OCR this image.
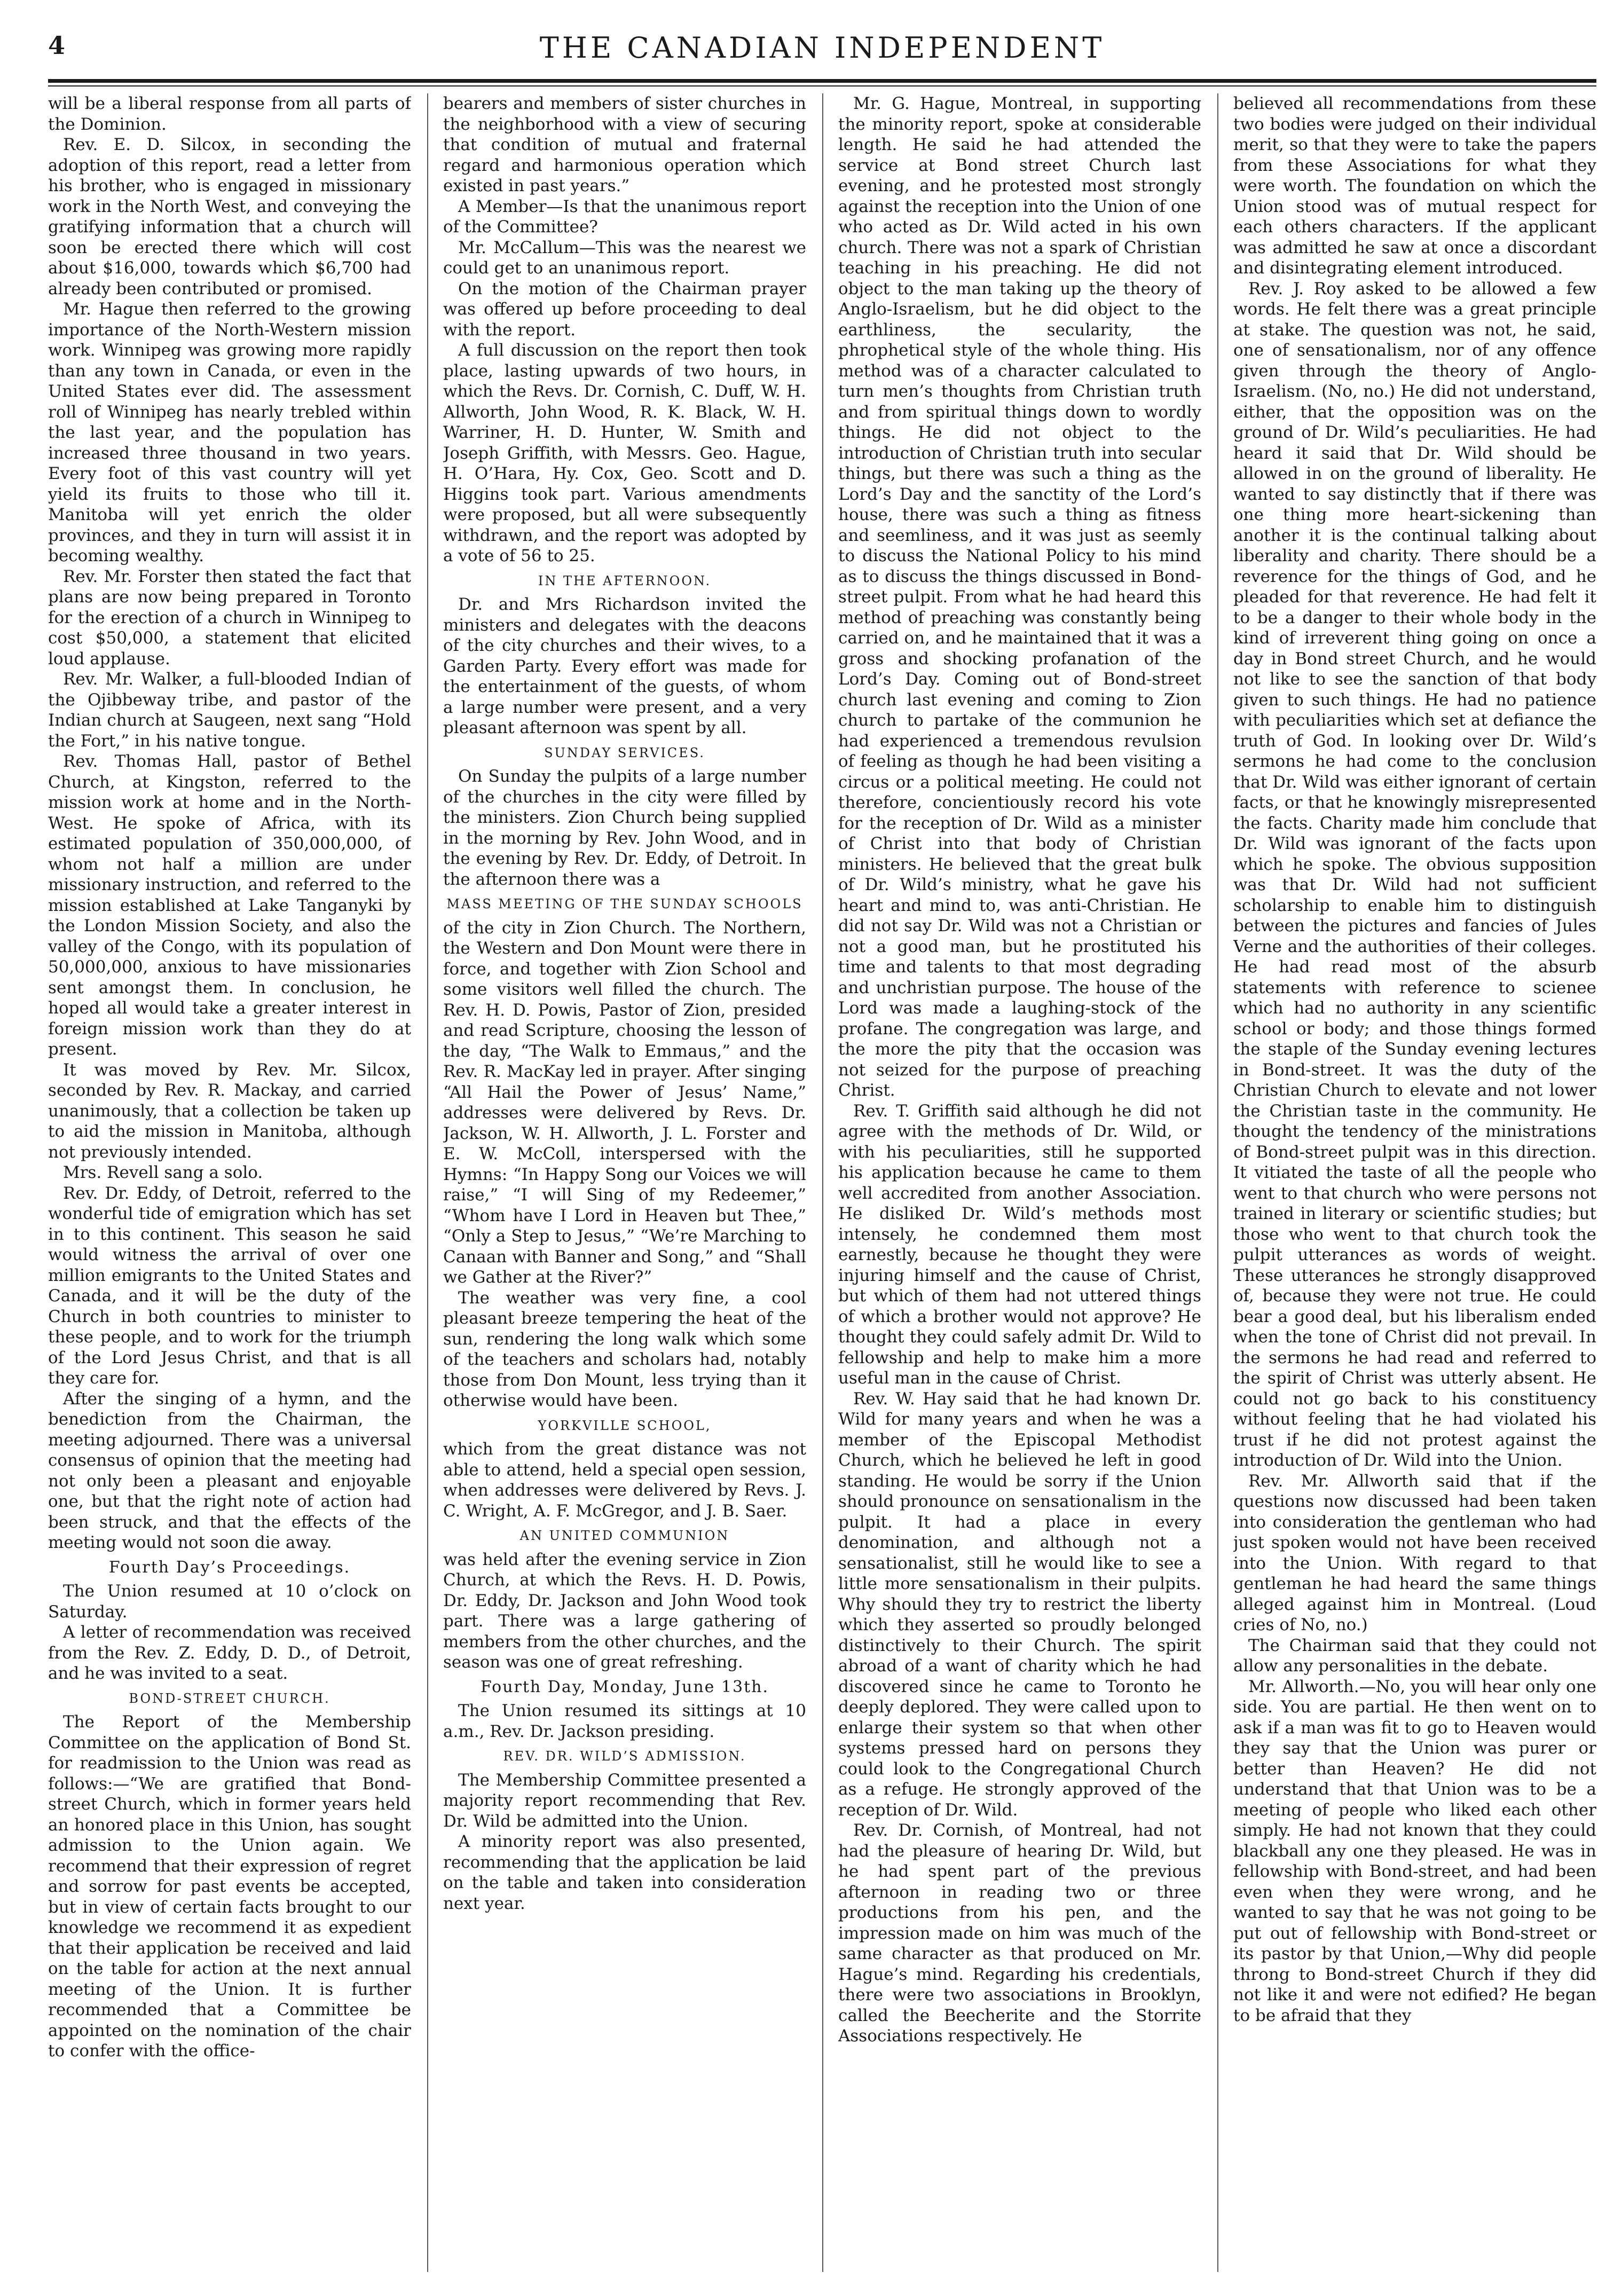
4	THE CANADIAN INDEPENDENT

will be a liberal response from all parts of the Dominion.

Rev. E. D. Silcox, in seconding the adoption of this report, read a letter from his brother, who is engaged in missionary work in the North West, and conveying the gratifying information that a church will soon be erected there which will cost about $16,000, towards which $6,700 had already been contributed or promised.

Mr. Hague then referred to the growing importance of the North-Western mission work. Winnipeg was growing more rapidly than any town in Canada, or even in the United States ever did. The assessment roll of Winnipeg has nearly trebled within the last year, and the population has increased three thousand in two years. Every foot of this vast country will yet yield its fruits to those who till it. Manitoba will yet enrich the older provinces, and they in turn will assist it in becoming wealthy.

Rev. Mr. Forster then stated the fact that plans are now being prepared in Toronto for the erection of a church in Winnipeg to cost $50,000, a statement that elicited loud applause.

Rev. Mr. Walker, a full-blooded Indian of the Ojibbeway tribe, and pastor of the Indian church at Saugeen, next sang “Hold the Fort,” in his native tongue.

Rev. Thomas Hall, pastor of Bethel Church, at Kingston, referred to the mission work at home and in the North-West. He spoke of Africa, with its estimated population of 350,000,000, of whom not half a million are under missionary instruction, and referred to the mission established at Lake Tanganyki by the London Mission Society, and also the valley of the Congo, with its population of 50,000,000, anxious to have missionaries sent amongst them. In conclusion, he hoped all would take a greater interest in foreign mission work than they do at present.

It was moved by Rev. Mr. Silcox, seconded by Rev. R. Mackay, and carried unanimously, that a collection be taken up to aid the mission in Manitoba, although not previously intended.

Mrs. Revell sang a solo.

Rev. Dr. Eddy, of Detroit, referred to the wonderful tide of emigration which has set in to this continent. This season he said would witness the arrival of over one million emigrants to the United States and Canada, and it will be the duty of the Church in both countries to minister to these people, and to work for the triumph of the Lord Jesus Christ, and that is all they care for.

After the singing of a hymn, and the benediction from the Chairman, the meeting adjourned. There was a universal consensus of opinion that the meeting had not only been a pleasant and enjoyable one, but that the right note of action had been struck, and that the effects of the meeting would not soon die away.

Fourth Day’s Proceedings.

The Union resumed at 10 o’clock on Saturday.

A letter of recommendation was received from the Rev. Z. Eddy, D. D., of Detroit, and he was invited to a seat.

BOND-STREET CHURCH.

The Report of the Membership Committee on the application of Bond St. for readmission to the Union was read as follows:—“We are gratified that Bond-street Church, which in former years held an honored place in this Union, has sought admission to the Union again. We recommend that their expression of regret and sorrow for past events be accepted, but in view of certain facts brought to our knowledge we recommend it as expedient that their application be received and laid on the table for action at the next annual meeting of the Union. It is further recommended that a Committee be appointed on the nomination of the chair to confer with the office-

bearers and members of sister churches in the neighborhood with a view of securing that condition of mutual and fraternal regard and harmonious operation which existed in past years.”

A Member—Is that the unanimous report of the Committee?

Mr. McCallum—This was the nearest we could get to an unanimous report.

On the motion of the Chairman prayer was offered up before proceeding to deal with the report.

A full discussion on the report then took place, lasting upwards of two hours, in which the Revs. Dr. Cornish, C. Duff, W. H. Allworth, John Wood, R. K. Black, W. H. Warriner, H. D. Hunter, W. Smith and Joseph Griffith, with Messrs. Geo. Hague, H. O’Hara, Hy. Cox, Geo. Scott and D. Higgins took part. Various amendments were proposed, but all were subsequently withdrawn, and the report was adopted by a vote of 56 to 25.

IN THE AFTERNOON.

Dr. and Mrs Richardson invited the ministers and delegates with the deacons of the city churches and their wives, to a Garden Party. Every effort was made for the entertainment of the guests, of whom a large number were present, and a very pleasant afternoon was spent by all.

SUNDAY SERVICES.

On Sunday the pulpits of a large number of the churches in the city were filled by the ministers. Zion Church being supplied in the morning by Rev. John Wood, and in the evening by Rev. Dr. Eddy, of Detroit. In the afternoon there was a

MASS MEETING OF THE SUNDAY SCHOOLS

of the city in Zion Church. The Northern, the Western and Don Mount were there in force, and together with Zion School and some visitors well filled the church. The Rev. H. D. Powis, Pastor of Zion, presided and read Scripture, choosing the lesson of the day, “The Walk to Emmaus,” and the Rev. R. MacKay led in prayer. After singing “All Hail the Power of Jesus’ Name,” addresses were delivered by Revs. Dr. Jackson, W. H. Allworth, J. L. Forster and E. W. McColl, interspersed with the Hymns: “In Happy Song our Voices we will raise,” “I will Sing of my Redeemer,” “Whom have I Lord in Heaven but Thee,” “Only a Step to Jesus,” “We’re Marching to Canaan with Banner and Song,” and “Shall we Gather at the River?”

The weather was very fine, a cool pleasant breeze tempering the heat of the sun, rendering the long walk which some of the teachers and scholars had, notably those from Don Mount, less trying than it otherwise would have been.

YORKVILLE SCHOOL,

which from the great distance was not able to attend, held a special open session, when addresses were delivered by Revs. J. C. Wright, A. F. McGregor, and J. B. Saer.

AN UNITED COMMUNION

was held after the evening service in Zion Church, at which the Revs. H. D. Powis, Dr. Eddy, Dr. Jackson and John Wood took part. There was a large gathering of members from the other churches, and the season was one of great refreshing.

Fourth Day, Monday, June 13th.

The Union resumed its sittings at 10 a.m., Rev. Dr. Jackson presiding.

REV. DR. WILD’S ADMISSION.

The Membership Committee presented a majority report recommending that Rev. Dr. Wild be admitted into the Union.

A minority report was also presented, recommending that the application be laid on the table and taken into consideration next year.

Mr. G. Hague, Montreal, in supporting the minority report, spoke at considerable length. He said he had attended the service at Bond street Church last evening, and he protested most strongly against the reception into the Union of one who acted as Dr. Wild acted in his own church. There was not a spark of Christian teaching in his preaching. He did not object to the man taking up the theory of Anglo-Israelism, but he did object to the earthliness, the secularity, the phrophetical style of the whole thing. His method was of a character calculated to turn men’s thoughts from Christian truth and from spiritual things down to wordly things. He did not object to the introduction of Christian truth into secular things, but there was such a thing as the Lord’s Day and the sanctity of the Lord’s house, there was such a thing as fitness and seemliness, and it was just as seemly to discuss the National Policy to his mind as to discuss the things discussed in Bond-street pulpit. From what he had heard this method of preaching was constantly being carried on, and he maintained that it was a gross and shocking profanation of the Lord’s Day. Coming out of Bond-street church last evening and coming to Zion church to partake of the communion he had experienced a tremendous revulsion of feeling as though he had been visiting a circus or a political meeting. He could not therefore, concientiously record his vote for the reception of Dr. Wild as a minister of Christ into that body of Christian ministers. He believed that the great bulk of Dr. Wild’s ministry, what he gave his heart and mind to, was anti-Christian. He did not say Dr. Wild was not a Christian or not a good man, but he prostituted his time and talents to that most degrading and unchristian purpose. The house of the Lord was made a laughing-stock of the profane. The congregation was large, and the more the pity that the occasion was not seized for the purpose of preaching Christ.

Rev. T. Griffith said although he did not agree with the methods of Dr. Wild, or with his peculiarities, still he supported his application because he came to them well accredited from another Association. He disliked Dr. Wild’s methods most intensely, he condemned them most earnestly, because he thought they were injuring himself and the cause of Christ, but which of them had not uttered things of which a brother would not approve? He thought they could safely admit Dr. Wild to fellowship and help to make him a more useful man in the cause of Christ.

Rev. W. Hay said that he had known Dr. Wild for many years and when he was a member of the Episcopal Methodist Church, which he believed he left in good standing. He would be sorry if the Union should pronounce on sensationalism in the pulpit. It had a place in every denomination, and although not a sensationalist, still he would like to see a little more sensationalism in their pulpits. Why should they try to restrict the liberty which they asserted so proudly belonged distinctively to their Church. The spirit abroad of a want of charity which he had discovered since he came to Toronto he deeply deplored. They were called upon to enlarge their system so that when other systems pressed hard on persons they could look to the Congregational Church as a refuge. He strongly approved of the reception of Dr. Wild.

Rev. Dr. Cornish, of Montreal, had not had the pleasure of hearing Dr. Wild, but he had spent part of the previous afternoon in reading two or three productions from his pen, and the impression made on him was much of the same character as that produced on Mr. Hague’s mind. Regarding his credentials, there were two associations in Brooklyn, called the Beecherite and the Storrite Associations respectively. He

believed all recommendations from these two bodies were judged on their individual merit, so that they were to take the papers from these Associations for what they were worth. The foundation on which the Union stood was of mutual respect for each others characters. If the applicant was admitted he saw at once a discordant and disintegrating element introduced.

Rev. J. Roy asked to be allowed a few words. He felt there was a great principle at stake. The question was not, he said, one of sensationalism, nor of any offence given through the theory of Anglo-Israelism. (No, no.) He did not understand, either, that the opposition was on the ground of Dr. Wild’s peculiarities. He had heard it said that Dr. Wild should be allowed in on the ground of liberality. He wanted to say distinctly that if there was one thing more heart-sickening than another it is the continual talking about liberality and charity. There should be a reverence for the things of God, and he pleaded for that reverence. He had felt it to be a danger to their whole body in the kind of irreverent thing going on once a day in Bond street Church, and he would not like to see the sanction of that body given to such things. He had no patience with peculiarities which set at defiance the truth of God. In looking over Dr. Wild’s sermons he had come to the conclusion that Dr. Wild was either ignorant of certain facts, or that he knowingly misrepresented the facts. Charity made him conclude that Dr. Wild was ignorant of the facts upon which he spoke. The obvious supposition was that Dr. Wild had not sufficient scholarship to enable him to distinguish between the pictures and fancies of Jules Verne and the authorities of their colleges. He had read most of the absurb statements with reference to scienee which had no authority in any scientific school or body; and those things formed the staple of the Sunday evening lectures in Bond-street. It was the duty of the Christian Church to elevate and not lower the Christian taste in the community. He thought the tendency of the ministrations of Bond-street pulpit was in this direction. It vitiated the taste of all the people who went to that church who were persons not trained in literary or scientific studies; but those who went to that church took the pulpit utterances as words of weight. These utterances he strongly disapproved of, because they were not true. He could bear a good deal, but his liberalism ended when the tone of Christ did not prevail. In the sermons he had read and referred to the spirit of Christ was utterly absent. He could not go back to his constituency without feeling that he had violated his trust if he did not protest against the introduction of Dr. Wild into the Union.

Rev. Mr. Allworth said that if the questions now discussed had been taken into consideration the gentleman who had just spoken would not have been received into the Union. With regard to that gentleman he had heard the same things alleged against him in Montreal. (Loud cries of No, no.)

The Chairman said that they could not allow any personalities in the debate.

Mr. Allworth.—No, you will hear only one side. You are partial. He then went on to ask if a man was fit to go to Heaven would they say that the Union was purer or better than Heaven? He did not understand that that Union was to be a meeting of people who liked each other simply. He had not known that they could blackball any one they pleased. He was in fellowship with Bond-street, and had been even when they were wrong, and he wanted to say that he was not going to be put out of fellowship with Bond-street or its pastor by that Union,—Why did people throng to Bond-street Church if they did not like it and were not edified? He began to be afraid that they
